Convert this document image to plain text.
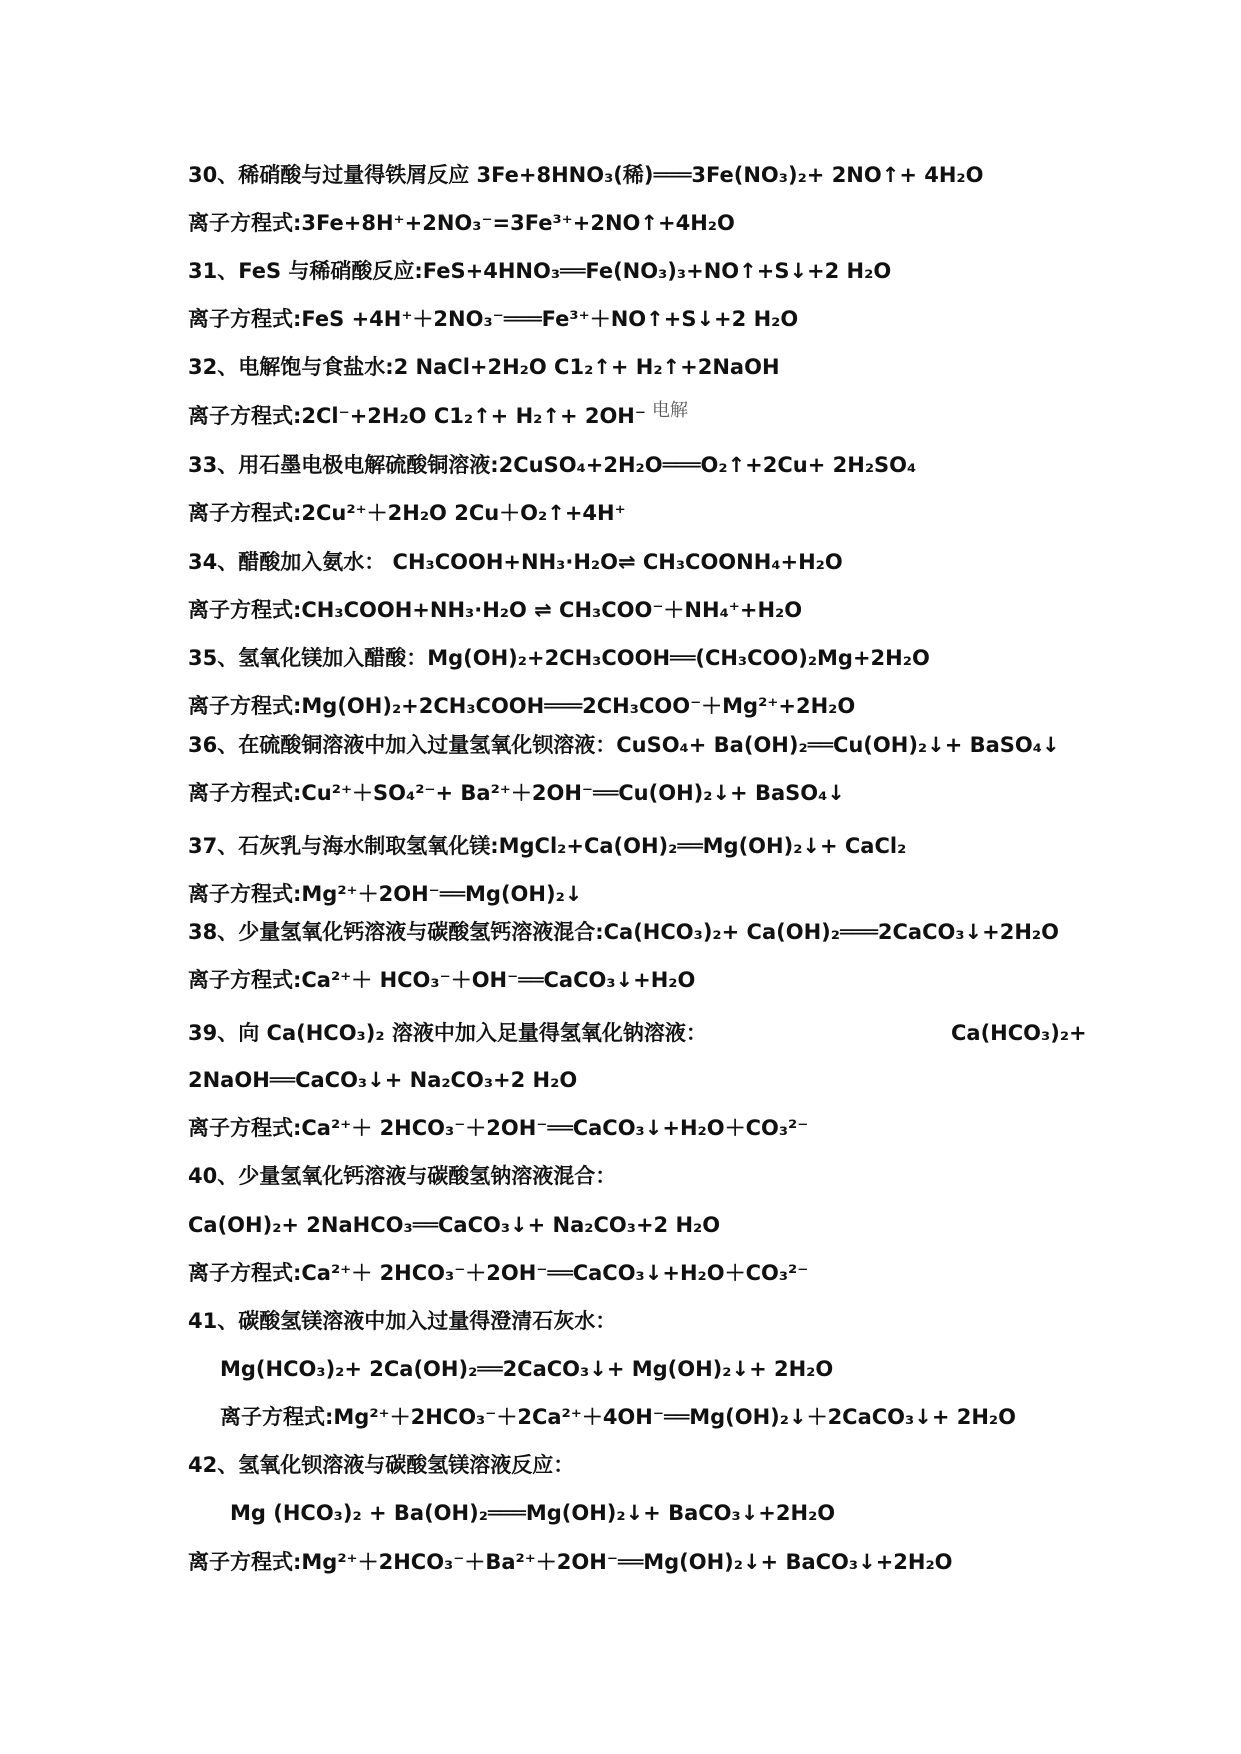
30、稀硝酸与过量得铁屑反应 3Fe+8HNO₃(稀)═══3Fe(NO₃)₂+ 2NO↑+ 4H₂O
离子方程式:3Fe+8H⁺+2NO₃⁻=3Fe³⁺+2NO↑+4H₂O
31、FeS 与稀硝酸反应:FeS+4HNO₃══Fe(NO₃)₃+NO↑+S↓+2 H₂O
离子方程式:FeS +4H⁺＋2NO₃⁻═══Fe³⁺＋NO↑+S↓+2 H₂O
32、电解饱与食盐水:2 NaCl+2H₂O C1₂↑+ H₂↑+2NaOH
离子方程式:2Cl⁻+2H₂O C1₂↑+ H₂↑+ 2OH⁻
33、用石墨电极电解硫酸铜溶液:2CuSO₄+2H₂O═══O₂↑+2Cu+ 2H₂SO₄
离子方程式:2Cu²⁺＋2H₂O 2Cu＋O₂↑+4H⁺
34、醋酸加入氨水： CH₃COOH+NH₃·H₂O⇌ CH₃COONH₄+H₂O
离子方程式:CH₃COOH+NH₃·H₂O ⇌ CH₃COO⁻＋NH₄⁺+H₂O
35、氢氧化镁加入醋酸：Mg(OH)₂+2CH₃COOH══(CH₃COO)₂Mg+2H₂O
离子方程式:Mg(OH)₂+2CH₃COOH═══2CH₃COO⁻＋Mg²⁺+2H₂O
36、在硫酸铜溶液中加入过量氢氧化钡溶液：CuSO₄+ Ba(OH)₂══Cu(OH)₂↓+ BaSO₄↓
离子方程式:Cu²⁺＋SO₄²⁻+ Ba²⁺＋2OH⁻══Cu(OH)₂↓+ BaSO₄↓
37、石灰乳与海水制取氢氧化镁:MgCl₂+Ca(OH)₂══Mg(OH)₂↓+ CaCl₂
离子方程式:Mg²⁺＋2OH⁻══Mg(OH)₂↓
38、少量氢氧化钙溶液与碳酸氢钙溶液混合:Ca(HCO₃)₂+ Ca(OH)₂═══2CaCO₃↓+2H₂O
离子方程式:Ca²⁺＋ HCO₃⁻＋OH⁻══CaCO₃↓+H₂O
39、向 Ca(HCO₃)₂ 溶液中加入足量得氢氧化钠溶液：
2NaOH══CaCO₃↓+ Na₂CO₃+2 H₂O
离子方程式:Ca²⁺＋ 2HCO₃⁻＋2OH⁻══CaCO₃↓+H₂O＋CO₃²⁻
40、少量氢氧化钙溶液与碳酸氢钠溶液混合：
Ca(OH)₂+ 2NaHCO₃══CaCO₃↓+ Na₂CO₃+2 H₂O
离子方程式:Ca²⁺＋ 2HCO₃⁻＋2OH⁻══CaCO₃↓+H₂O＋CO₃²⁻
41、碳酸氢镁溶液中加入过量得澄清石灰水：
Mg(HCO₃)₂+ 2Ca(OH)₂══2CaCO₃↓+ Mg(OH)₂↓+ 2H₂O
离子方程式:Mg²⁺＋2HCO₃⁻＋2Ca²⁺＋4OH⁻══Mg(OH)₂↓＋2CaCO₃↓+ 2H₂O
42、氢氧化钡溶液与碳酸氢镁溶液反应：
Mg (HCO₃)₂ + Ba(OH)₂═══Mg(OH)₂↓+ BaCO₃↓+2H₂O
离子方程式:Mg²⁺＋2HCO₃⁻＋Ba²⁺＋2OH⁻══Mg(OH)₂↓+ BaCO₃↓+2H₂O
Ca(HCO₃)₂+
电解
